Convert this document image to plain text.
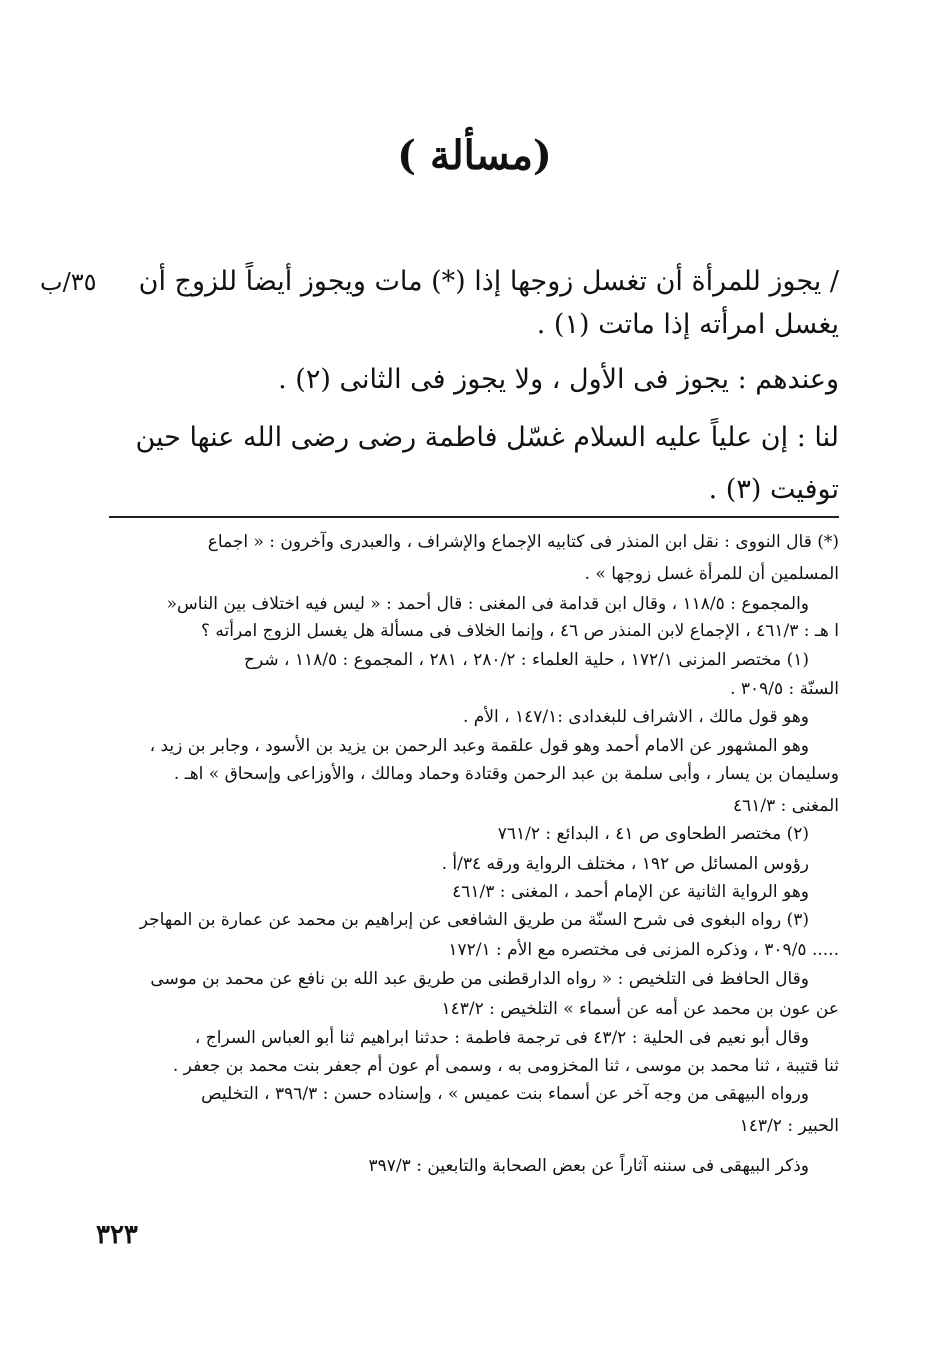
(مسألة )
٣٥/ب	/ يجوز للمرأة أن تغسل زوجها إذا (*) مات ويجوز أيضاً للزوج أن
يغسل امرأته إذا ماتت (١) .
وعندهم : يجوز فى الأول ، ولا يجوز فى الثانى (٢) .
لنا : إن علياً عليه السلام غسّل فاطمة رضى رضى الله عنها حين
توفيت (٣) .
(*) قال النووى : نقل ابن المنذر فى كتابيه الإجماع والإشراف ، والعبدرى وآخرون : « اجماع
المسلمين أن للمرأة غسل زوجها » .
والمجموع : ١١٨/٥ ، وقال ابن قدامة فى المغنى : قال أحمد : « ليس فيه اختلاف بين الناس«
ا هـ : ٤٦١/٣ ، الإجماع لابن المنذر ص ٤٦ ، وإنما الخلاف فى مسألة هل يغسل الزوج امرأته ؟
(١) مختصر المزنى ١٧٢/١ ، حلية العلماء : ٢٨٠/٢ ، ٢٨١ ، المجموع : ١١٨/٥ ، شرح
السنّة : ٣٠٩/٥ .
وهو قول مالك ، الاشراف للبغدادى :١٤٧/١ ، الأم .
وهو المشهور عن الامام أحمد وهو قول علقمة وعبد الرحمن بن يزيد بن الأسود ، وجابر بن زيد ،
وسليمان بن يسار ، وأبى سلمة بن عبد الرحمن وقتادة وحماد ومالك ، والأوزاعى وإسحاق » اهـ .
المغنى : ٤٦١/٣
(٢) مختصر الطحاوى ص ٤١ ، البدائع : ٧٦١/٢
رؤوس المسائل ص ١٩٢ ، مختلف الرواية ورقه ٣٤/أ .
وهو الرواية الثانية عن الإمام أحمد ، المغنى : ٤٦١/٣
(٣) رواه البغوى فى شرح السنّة من طريق الشافعى عن إبراهيم بن محمد عن عمارة بن المهاجر
..... ٣٠٩/٥ ، وذكره المزنى فى مختصره مع الأم : ١٧٢/١
وقال الحافظ فى التلخيص : « رواه الدارقطنى من طريق عبد الله بن نافع عن محمد بن موسى
عن عون بن محمد عن أمه عن أسماء » التلخيص : ١٤٣/٢
وقال أبو نعيم فى الحلية : ٤٣/٢ فى ترجمة فاطمة : حدثنا ابراهيم ثنا أبو العباس السراج ،
ثنا قتيبة ، ثنا محمد بن موسى ، ثنا المخزومى به ، وسمى أم عون أم جعفر بنت محمد بن جعفر .
ورواه البيهقى من وجه آخر عن أسماء بنت عميس » ، وإسناده حسن : ٣٩٦/٣ ، التخليص
الحبير : ١٤٣/٢
وذكر البيهقى فى سننه آثاراً عن بعض الصحابة والتابعين : ٣٩٧/٣
٣٢٣
